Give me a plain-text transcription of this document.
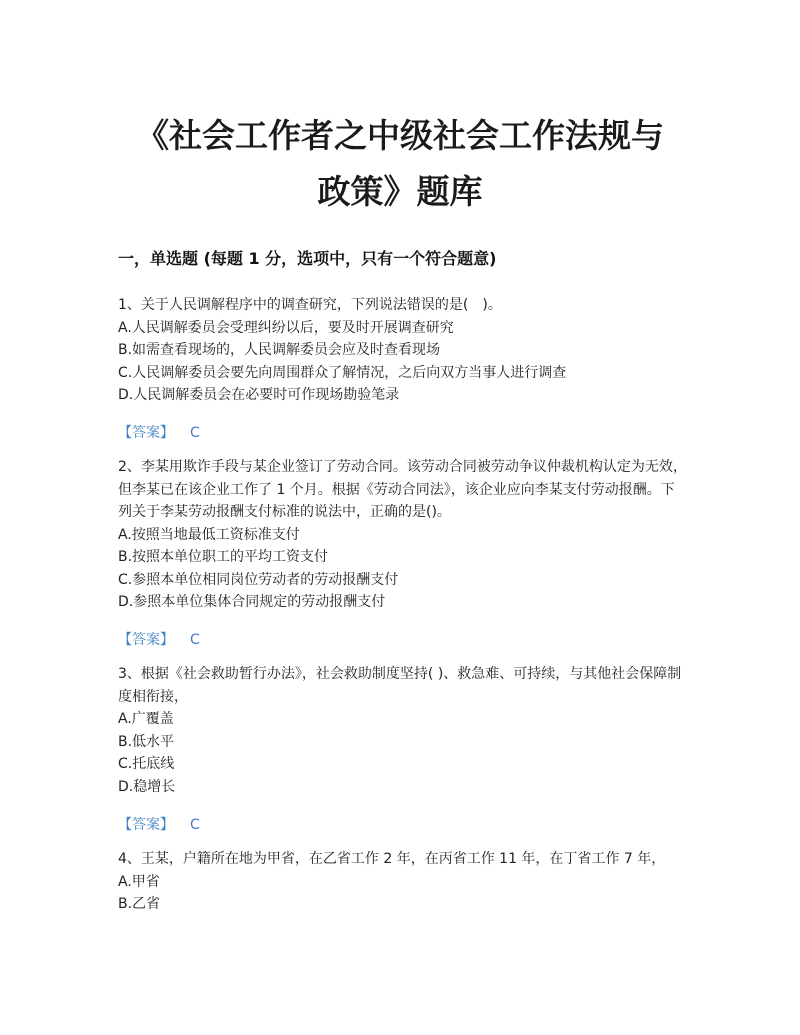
《社会工作者之中级社会工作法规与
政策》题库
一，单选题 (每题 1 分，选项中，只有一个符合题意)
1、关于人民调解程序中的调查研究，下列说法错误的是(　)。
A.人民调解委员会受理纠纷以后，要及时开展调查研究
B.如需查看现场的，人民调解委员会应及时查看现场
C.人民调解委员会要先向周围群众了解情况，之后向双方当事人进行调查
D.人民调解委员会在必要时可作现场勘验笔录
【答案】 C
2、李某用欺诈手段与某企业签订了劳动合同。该劳动合同被劳动争议仲裁机构认定为无效，但李某已在该企业工作了 1 个月。根据《劳动合同法》，该企业应向李某支付劳动报酬。下列关于李某劳动报酬支付标准的说法中，正确的是()。
A.按照当地最低工资标准支付
B.按照本单位职工的平均工资支付
C.参照本单位相同岗位劳动者的劳动报酬支付
D.参照本单位集体合同规定的劳动报酬支付
【答案】 C
3、根据《社会救助暂行办法》，社会救助制度坚持( )、救急难、可持续，与其他社会保障制度相衔接，
A.广覆盖
B.低水平
C.托底线
D.稳增长
【答案】 C
4、王某，户籍所在地为甲省，在乙省工作 2 年，在丙省工作 11 年，在丁省工作 7 年，
A.甲省
B.乙省
